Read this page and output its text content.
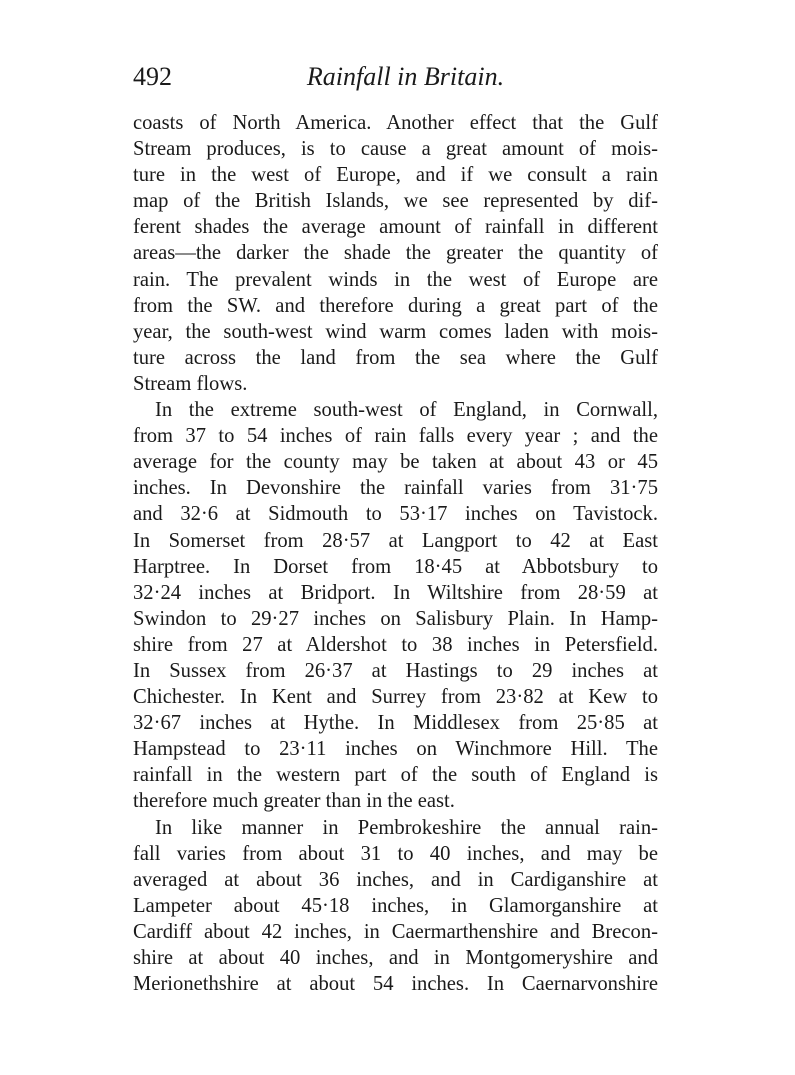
492	Rainfall in Britain.
coasts of North America. Another effect that the Gulf
Stream produces, is to cause a great amount of mois-
ture in the west of Europe, and if we consult a rain
map of the British Islands, we see represented by dif-
ferent shades the average amount of rainfall in different
areas—the darker the shade the greater the quantity of
rain. The prevalent winds in the west of Europe are
from the SW. and therefore during a great part of the
year, the south-west wind warm comes laden with mois-
ture across the land from the sea where the Gulf
Stream flows.
In the extreme south-west of England, in Cornwall,
from 37 to 54 inches of rain falls every year ; and the
average for the county may be taken at about 43 or 45
inches. In Devonshire the rainfall varies from 31·75
and 32·6 at Sidmouth to 53·17 inches on Tavistock.
In Somerset from 28·57 at Langport to 42 at East
Harptree. In Dorset from 18·45 at Abbotsbury to
32·24 inches at Bridport. In Wiltshire from 28·59 at
Swindon to 29·27 inches on Salisbury Plain. In Hamp-
shire from 27 at Aldershot to 38 inches in Petersfield.
In Sussex from 26·37 at Hastings to 29 inches at
Chichester. In Kent and Surrey from 23·82 at Kew to
32·67 inches at Hythe. In Middlesex from 25·85 at
Hampstead to 23·11 inches on Winchmore Hill. The
rainfall in the western part of the south of England is
therefore much greater than in the east.
In like manner in Pembrokeshire the annual rain-
fall varies from about 31 to 40 inches, and may be
averaged at about 36 inches, and in Cardiganshire at
Lampeter about 45·18 inches, in Glamorganshire at
Cardiff about 42 inches, in Caermarthenshire and Brecon-
shire at about 40 inches, and in Montgomeryshire and
Merionethshire at about 54 inches. In Caernarvonshire
